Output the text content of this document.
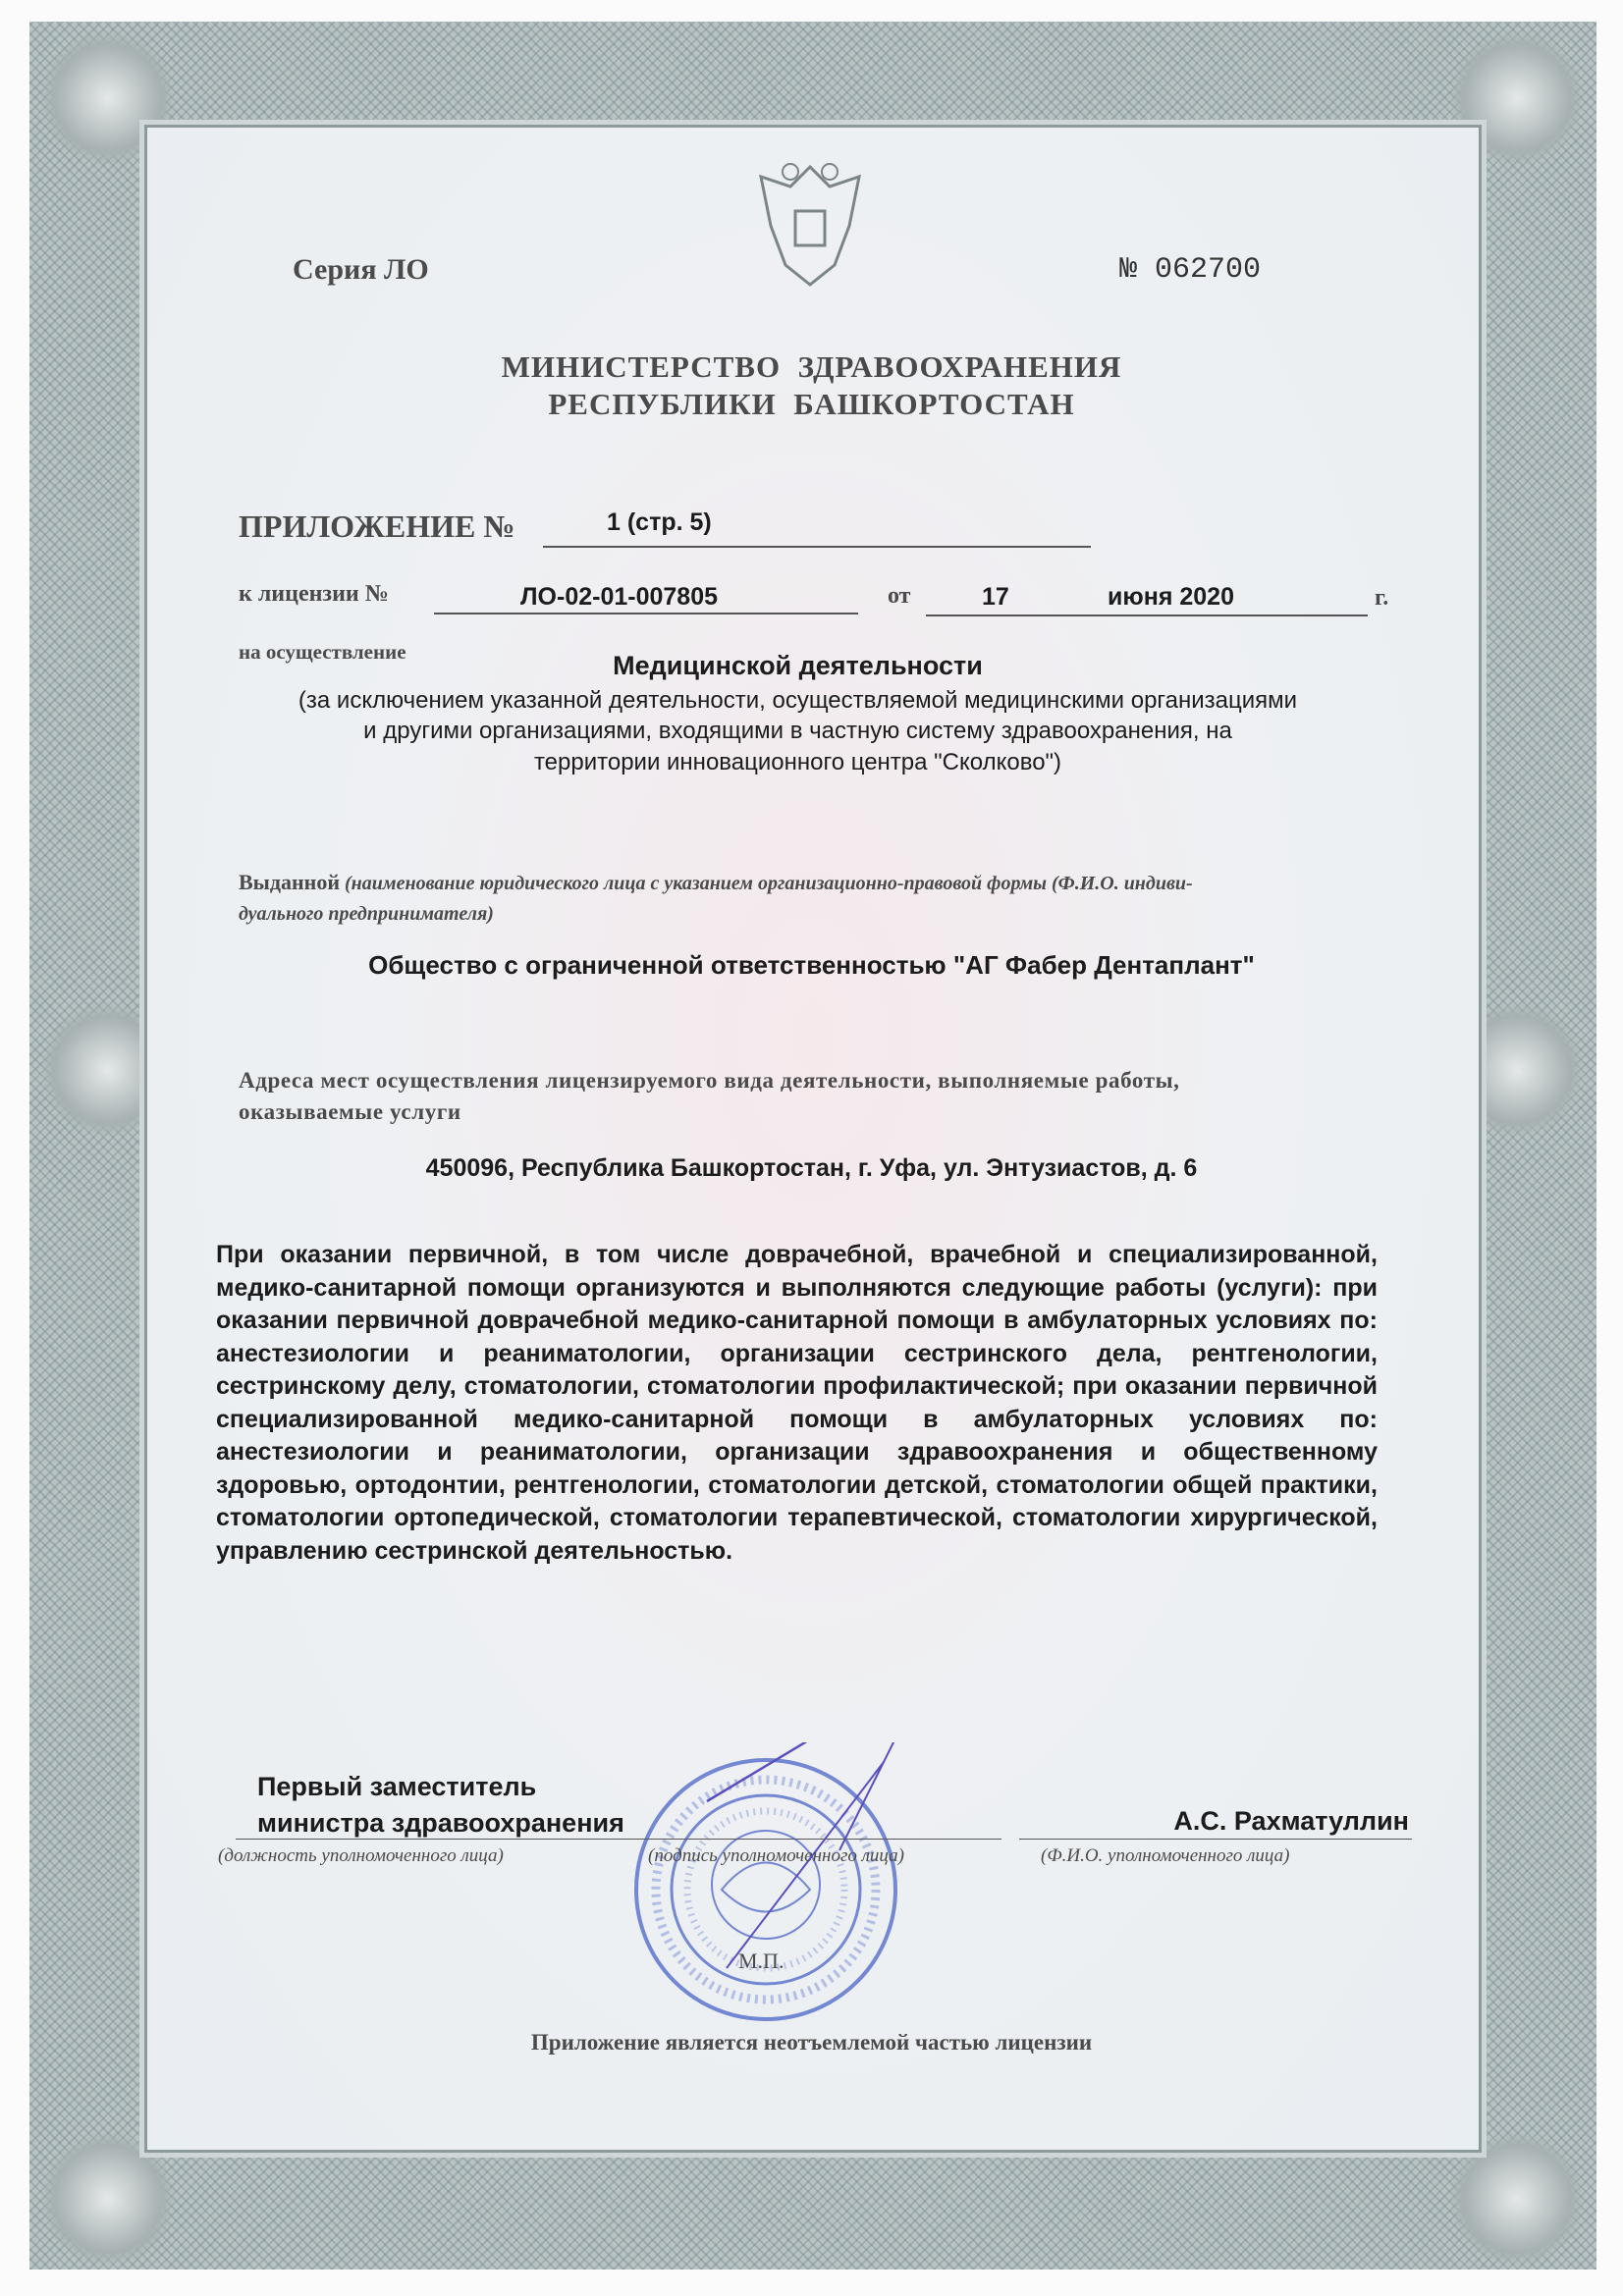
Серия ЛО	№ 062700
МИНИСТЕРСТВО  ЗДРАВООХРАНЕНИЯ
РЕСПУБЛИКИ  БАШКОРТОСТАН
ПРИЛОЖЕНИЕ №	1 (стр. 5)
к лицензии №	ЛО-02-01-007805	от	17	июня 2020	г.
на осуществление	Медицинской деятельности
(за исключением указанной деятельности, осуществляемой медицинскими организациями
и другими организациями, входящими в частную систему здравоохранения, на
территории инновационного центра "Сколково")
Выданной (наименование юридического лица с указанием организационно-правовой формы (Ф.И.О. индиви-
дуального предпринимателя)
Общество с ограниченной ответственностью "АГ Фабер Дентаплант"
Адреса мест осуществления лицензируемого вида деятельности, выполняемые работы,
оказываемые услуги
450096, Республика Башкортостан, г. Уфа, ул. Энтузиастов, д. 6
При оказании первичной, в том числе доврачебной, врачебной и специализированной, медико-санитарной помощи организуются и выполняются следующие работы (услуги): при оказании первичной доврачебной медико-санитарной помощи в амбулаторных условиях по: анестезиологии и реаниматологии, организации сестринского дела, рентгенологии, сестринскому делу, стоматологии, стоматологии профилактической; при оказании первичной специализированной медико-санитарной помощи в амбулаторных условиях по: анестезиологии и реаниматологии, организации здравоохранения и общественному здоровью, ортодонтии, рентгенологии, стоматологии детской, стоматологии общей практики, стоматологии ортопедической, стоматологии терапевтической, стоматологии хирургической, управлению сестринской деятельностью.
Первый заместитель
министра здравоохранения	А.С. Рахматуллин
(должность уполномоченного лица)	(подпись уполномоченного лица)	(Ф.И.О. уполномоченного лица)
М.П.
Приложение является неотъемлемой частью лицензии
